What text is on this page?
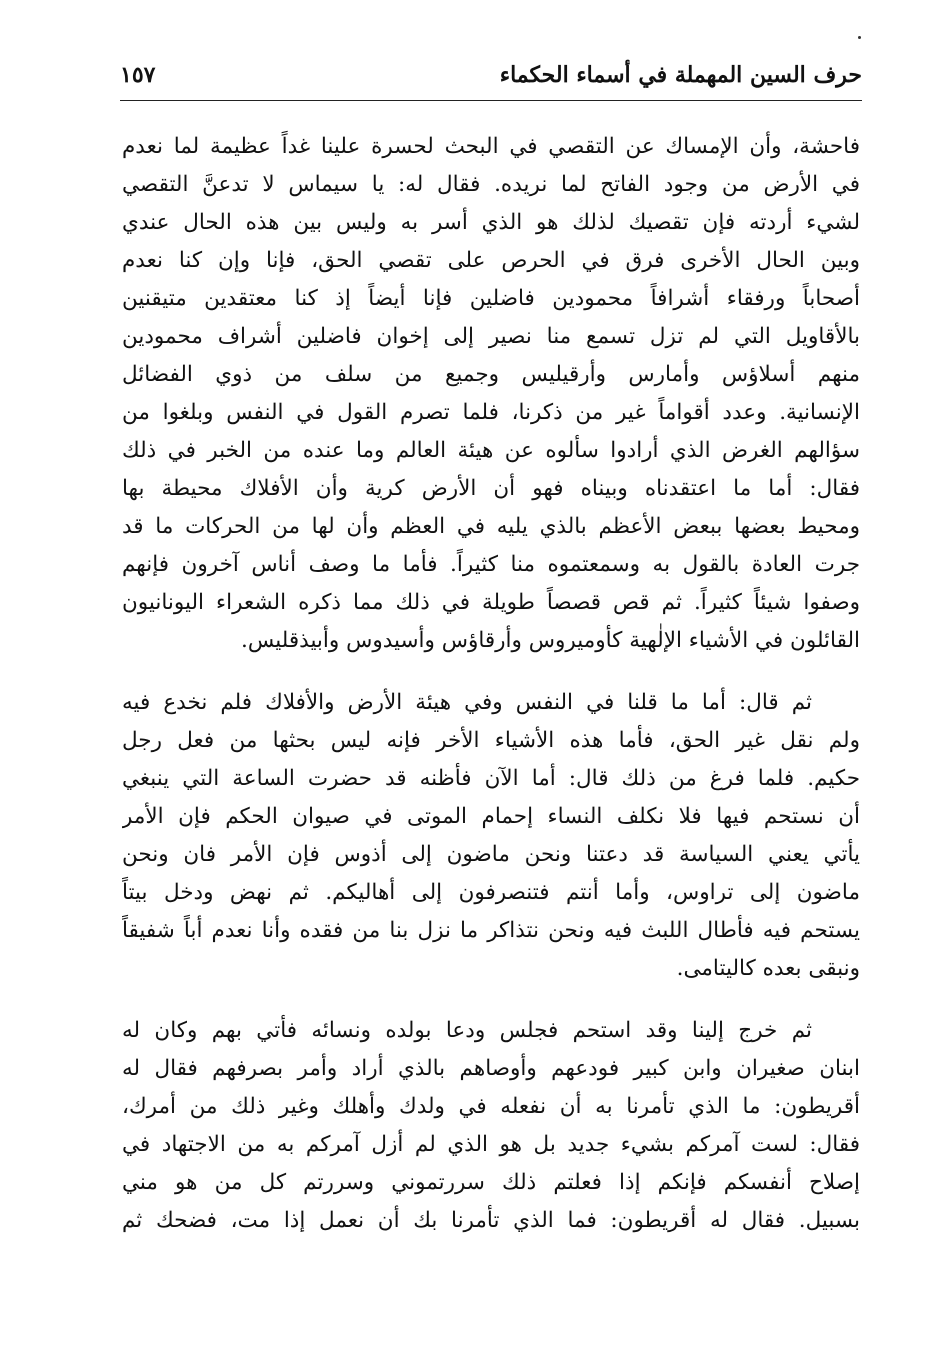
حرف السين المهملة في أسماء الحكماء
١٥٧
فاحشة، وأن الإمساك عن التقصي في البحث لحسرة علينا غداً عظيمة لما نعدم
في الأرض من وجود الفاتح لما نريده. فقال له: يا سيماس لا تدعنَّ التقصي
لشيء أردته فإن تقصيك لذلك هو الذي أسر به وليس بين هذه الحال عندي
وبين الحال الأخرى فرق في الحرص على تقصي الحق، فإنا وإن كنا نعدم
أصحاباً ورفقاء أشرافاً محمودين فاضلين فإنا أيضاً إذ كنا معتقدين متيقنين
بالأقاويل التي لم تزل تسمع منا نصير إلى إخوان فاضلين أشراف محمودين
منهم أسلاؤس وأمارس وأرقيليس وجميع من سلف من ذوي الفضائل
الإنسانية. وعدد أقواماً غير من ذكرنا، فلما تصرم القول في النفس وبلغوا من
سؤالهم الغرض الذي أرادوا سألوه عن هيئة العالم وما عنده من الخبر في ذلك
فقال: أما ما اعتقدناه وبيناه فهو أن الأرض كرية وأن الأفلاك محيطة بها
ومحيط بعضها ببعض الأعظم بالذي يليه في العظم وأن لها من الحركات ما قد
جرت العادة بالقول به وسمعتموه منا كثيراً. فأما ما وصف أناس آخرون فإنهم
وصفوا شيئاً كثيراً. ثم قص قصصاً طويلة في ذلك مما ذكره الشعراء اليونانيون
القائلون في الأشياء الإلٰهية كأوميروس وأرقاؤس وأسيدوس وأبيذقليس.
ثم قال: أما ما قلنا في النفس وفي هيئة الأرض والأفلاك فلم نخدع فيه
ولم نقل غير الحق، فأما هذه الأشياء الأخر فإنه ليس بحثها من فعل رجل
حكيم. فلما فرغ من ذلك قال: أما الآن فأظنه قد حضرت الساعة التي ينبغي
أن نستحم فيها فلا نكلف النساء إحمام الموتى في صيوان الحكم فإن الأمر
يأتي يعني السياسة قد دعتنا ونحن ماضون إلى أذوس فإن الأمر فان ونحن
ماضون إلى تراوس، وأما أنتم فتنصرفون إلى أهاليكم. ثم نهض ودخل بيتاً
يستحم فيه فأطال اللبث فيه ونحن نتذاكر ما نزل بنا من فقده وأنا نعدم أباً شفيقاً
ونبقى بعده كاليتامى.
ثم خرج إلينا وقد استحم فجلس ودعا بولده ونسائه فأتي بهم وكان له
ابنان صغيران وابن كبير فودعهم وأوصاهم بالذي أراد وأمر بصرفهم فقال له
أقريطون: ما الذي تأمرنا به أن نفعله في ولدك وأهلك وغير ذلك من أمرك،
فقال: لست آمركم بشيء جديد بل هو الذي لم أزل آمركم به من الاجتهاد في
إصلاح أنفسكم فإنكم إذا فعلتم ذلك سررتموني وسررتم كل من هو مني
بسبيل. فقال له أقريطون: فما الذي تأمرنا بك أن نعمل إذا مت، فضحك ثم
